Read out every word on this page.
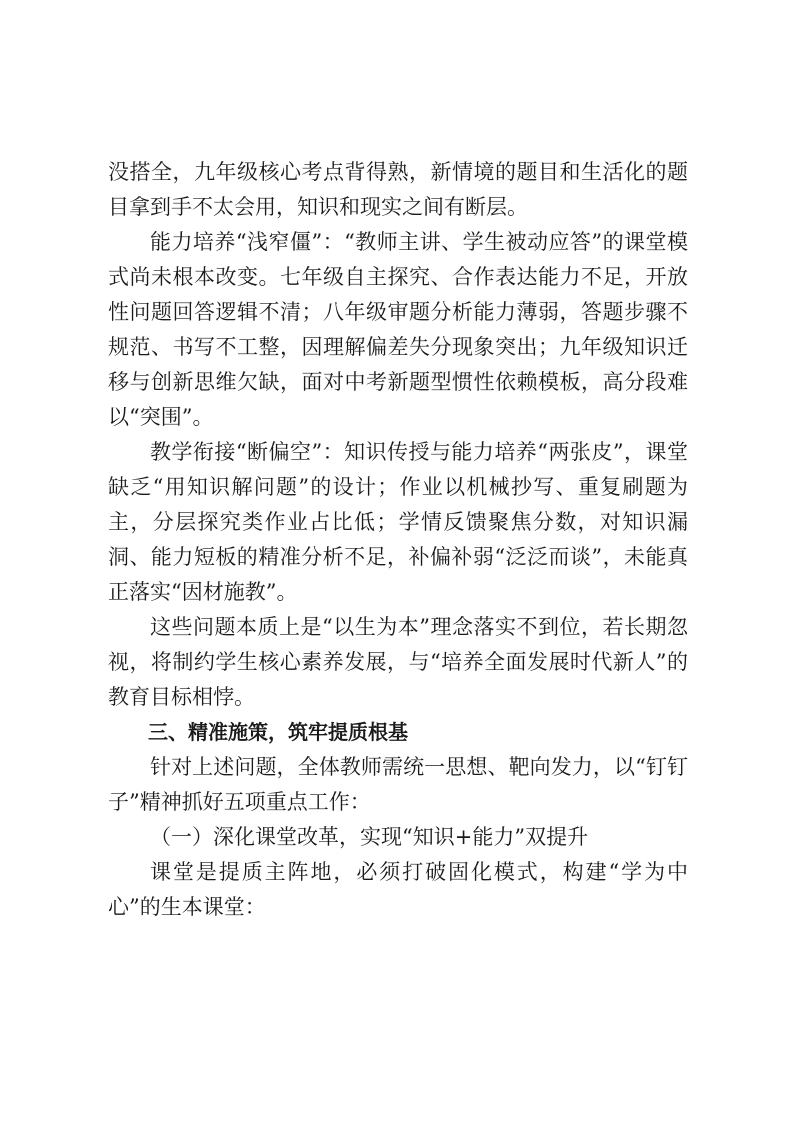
没搭全，九年级核心考点背得熟，新情境的题目和生活化的题目拿到手不太会用，知识和现实之间有断层。

能力培养“浅窄僵”：“教师主讲、学生被动应答”的课堂模式尚未根本改变。七年级自主探究、合作表达能力不足，开放性问题回答逻辑不清；八年级审题分析能力薄弱，答题步骤不规范、书写不工整，因理解偏差失分现象突出；九年级知识迁移与创新思维欠缺，面对中考新题型惯性依赖模板，高分段难以“突围”。

教学衔接“断偏空”：知识传授与能力培养“两张皮”，课堂缺乏“用知识解问题”的设计；作业以机械抄写、重复刷题为主，分层探究类作业占比低；学情反馈聚焦分数，对知识漏洞、能力短板的精准分析不足，补偏补弱“泛泛而谈”，未能真正落实“因材施教”。

这些问题本质上是“以生为本”理念落实不到位，若长期忽视，将制约学生核心素养发展，与“培养全面发展时代新人”的教育目标相悖。

三、精准施策，筑牢提质根基

针对上述问题，全体教师需统一思想、靶向发力，以“钉钉子”精神抓好五项重点工作：

（一）深化课堂改革，实现“知识+能力”双提升

课堂是提质主阵地，必须打破固化模式，构建“学为中心”的生本课堂：
